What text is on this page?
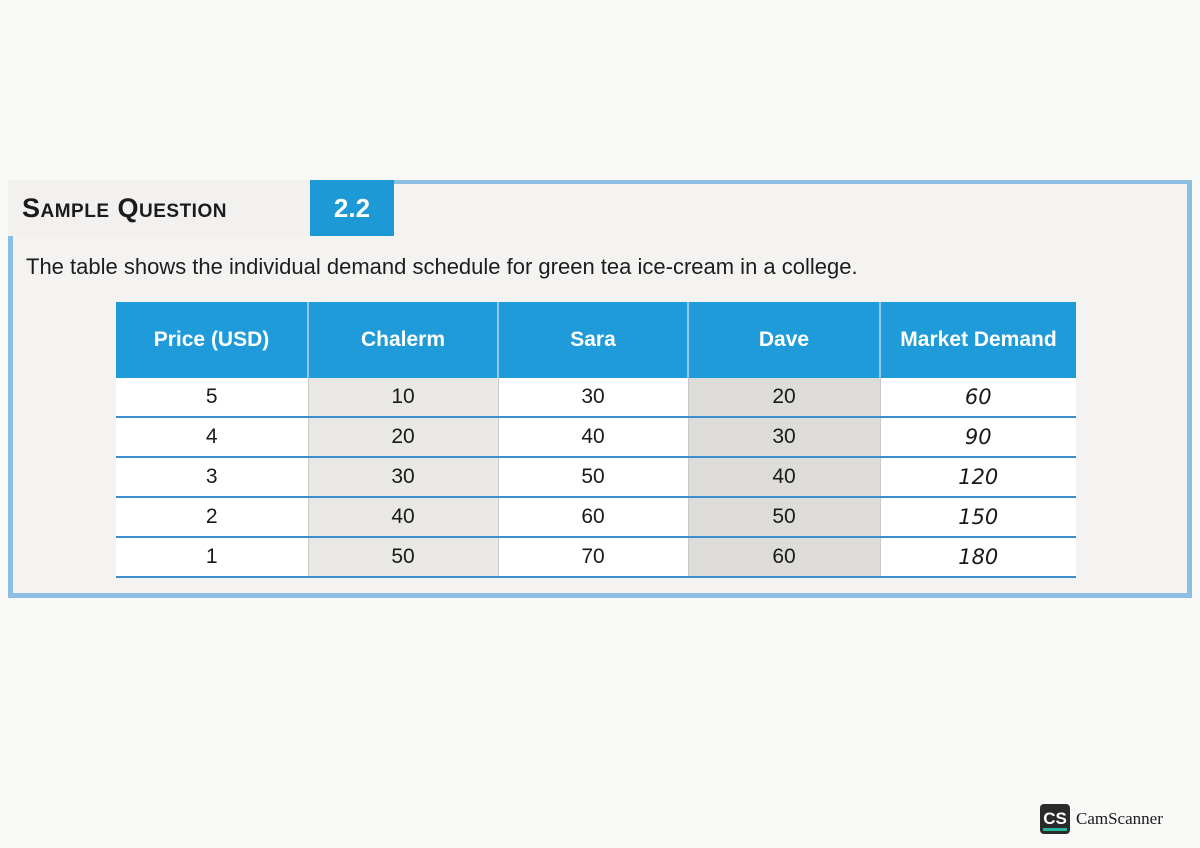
Sample Question	2.2
The table shows the individual demand schedule for green tea ice-cream in a college.
Price (USD)	Chalerm	Sara	Dave	Market Demand
5	10	30	20	60
4	20	40	30	90
3	30	50	40	120
2	40	60	50	150
1	50	70	60	180
CS CamScanner
